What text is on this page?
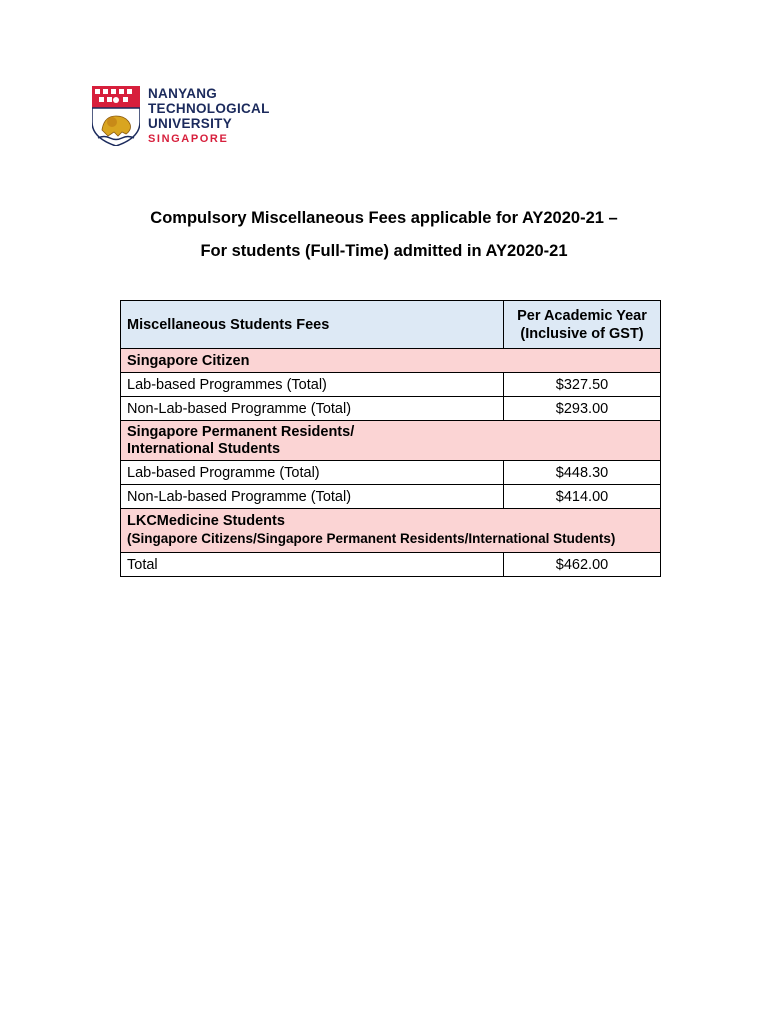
NANYANG
TECHNOLOGICAL
UNIVERSITY
SINGAPORE
Compulsory Miscellaneous Fees applicable for AY2020-21 –
For students (Full-Time) admitted in AY2020-21
Miscellaneous Students Fees	Per Academic Year
(Inclusive of GST)
Singapore Citizen	
Lab-based Programmes (Total)	$327.50
Non-Lab-based Programme (Total)	$293.00
Singapore Permanent Residents/
International Students	
Lab-based Programme (Total)	$448.30
Non-Lab-based Programme (Total)	$414.00
LKCMedicine Students
(Singapore Citizens/Singapore Permanent Residents/International Students)	
Total	$462.00
